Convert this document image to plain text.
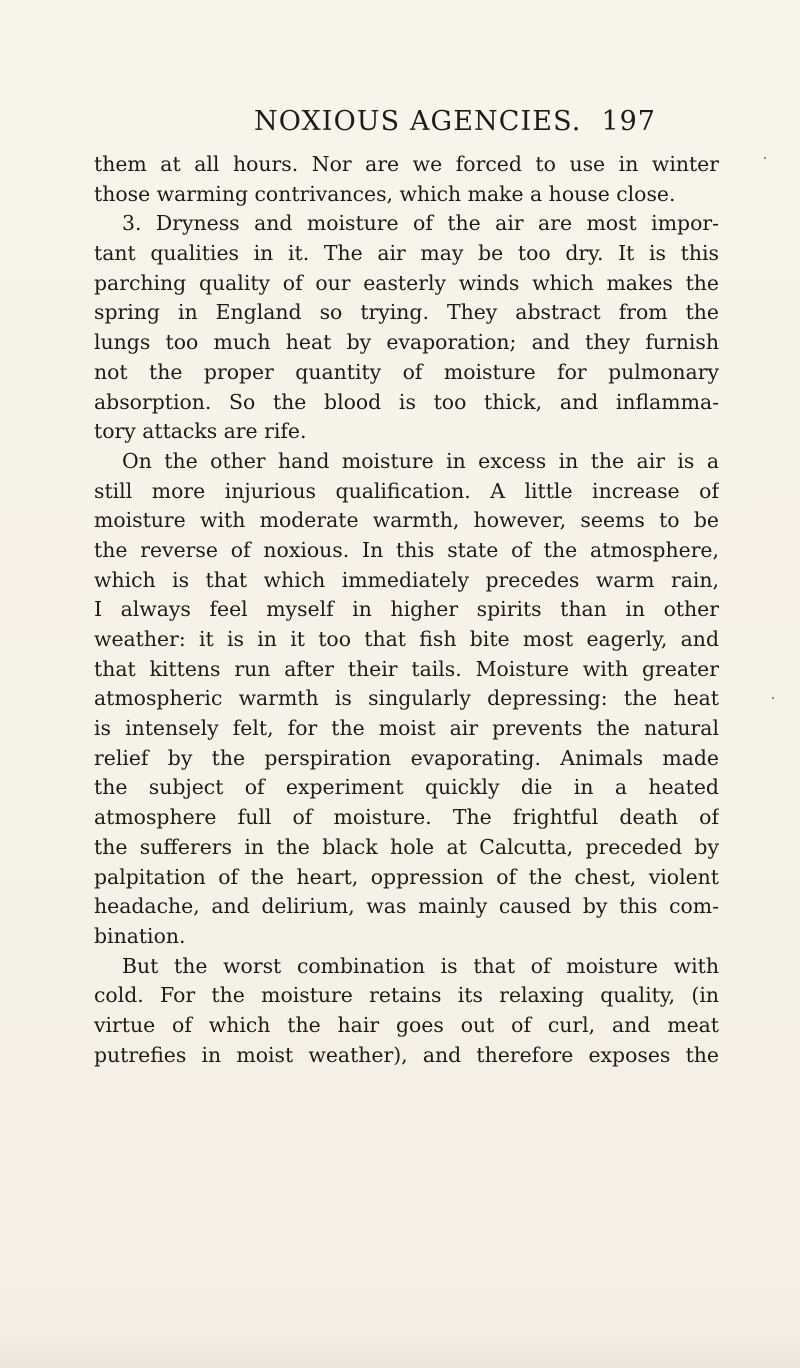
NOXIOUS AGENCIES. 197
them at all hours. Nor are we forced to use in winter
those warming contrivances, which make a house close.
3. Dryness and moisture of the air are most impor-
tant qualities in it. The air may be too dry. It is this
parching quality of our easterly winds which makes the
spring in England so trying. They abstract from the
lungs too much heat by evaporation; and they furnish
not the proper quantity of moisture for pulmonary
absorption. So the blood is too thick, and inflamma-
tory attacks are rife.
On the other hand moisture in excess in the air is a
still more injurious qualification. A little increase of
moisture with moderate warmth, however, seems to be
the reverse of noxious. In this state of the atmosphere,
which is that which immediately precedes warm rain,
I always feel myself in higher spirits than in other
weather: it is in it too that fish bite most eagerly, and
that kittens run after their tails. Moisture with greater
atmospheric warmth is singularly depressing: the heat
is intensely felt, for the moist air prevents the natural
relief by the perspiration evaporating. Animals made
the subject of experiment quickly die in a heated
atmosphere full of moisture. The frightful death of
the sufferers in the black hole at Calcutta, preceded by
palpitation of the heart, oppression of the chest, violent
headache, and delirium, was mainly caused by this com-
bination.
But the worst combination is that of moisture with
cold. For the moisture retains its relaxing quality, (in
virtue of which the hair goes out of curl, and meat
putrefies in moist weather), and therefore exposes the
